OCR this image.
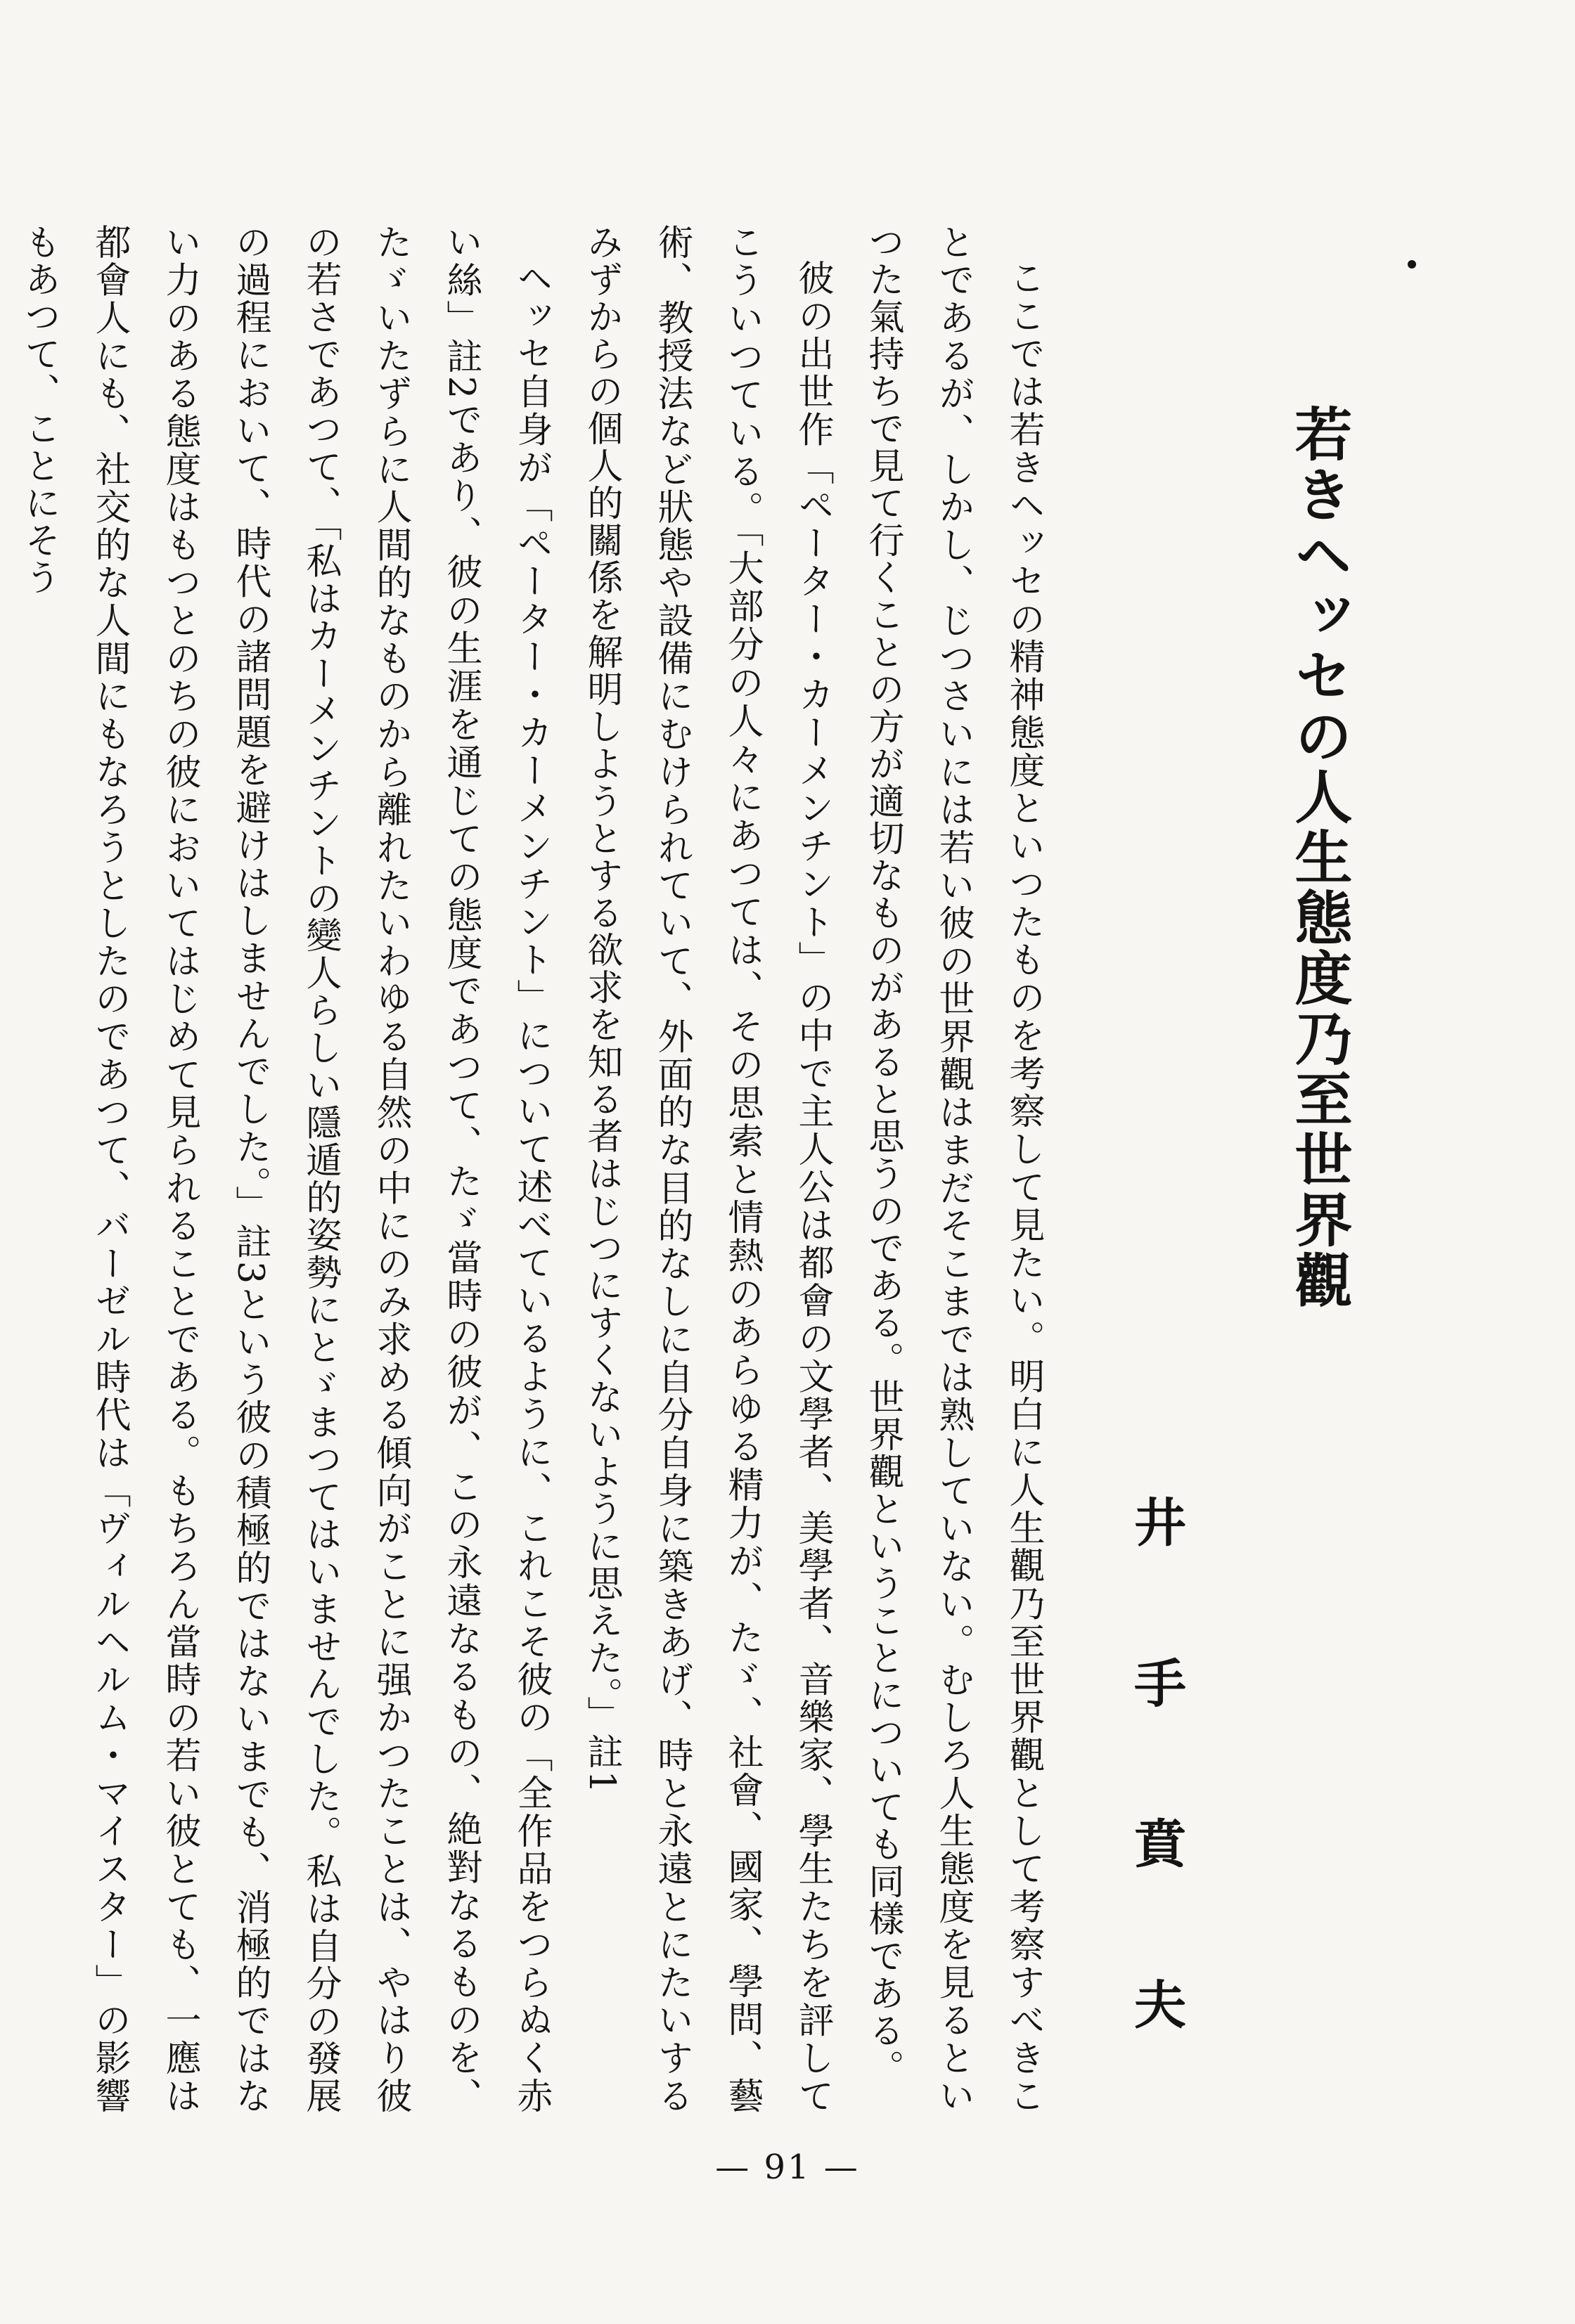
若きヘッセの人生態度乃至世界觀
井
手
賁
夫

ここでは若きヘッセの精神態度といつたものを考察して見たい。明白に人生觀乃至世界觀として考察すべきことであるが、しかし、じつさいには若い彼の世界觀はまだそこまでは熟していない。むしろ人生態度を見るといつた氣持ちで見て行くことの方が適切なものがあると思うのである。世界觀ということについても同樣である。

彼の出世作「ペーター・カーメンチント」の中で主人公は都會の文學者、美學者、音樂家、學生たちを評してこういつている。「大部分の人々にあつては、その思索と情熱のあらゆる精力が、たゞ、社會、國家、學問、藝術、教授法など狀態や設備にむけられていて、外面的な目的なしに自分自身に築きあげ、時と永遠とにたいするみずからの個人的關係を解明しようとする欲求を知る者はじつにすくないように思えた。」註1

ヘッセ自身が「ペーター・カーメンチント」について述べているように、これこそ彼の「全作品をつらぬく赤い絲」註2であり、彼の生涯を通じての態度であつて、たゞ當時の彼が、この永遠なるもの、絶對なるものを、たゞいたずらに人間的なものから離れたいわゆる自然の中にのみ求める傾向がことに强かつたことは、やはり彼の若さであつて、「私はカーメンチントの變人らしい隱遁的姿勢にとゞまつてはいませんでした。私は自分の發展の過程において、時代の諸問題を避けはしませんでした。」註3という彼の積極的ではないまでも、消極的ではない力のある態度はもつとのちの彼においてはじめて見られることである。もちろん當時の若い彼とても、一應は都會人にも、社交的な人間にもなろうとしたのであつて、バーゼル時代は「ヴィルヘルム・マイスター」の影響もあつて、ことにそう

— 91 —
